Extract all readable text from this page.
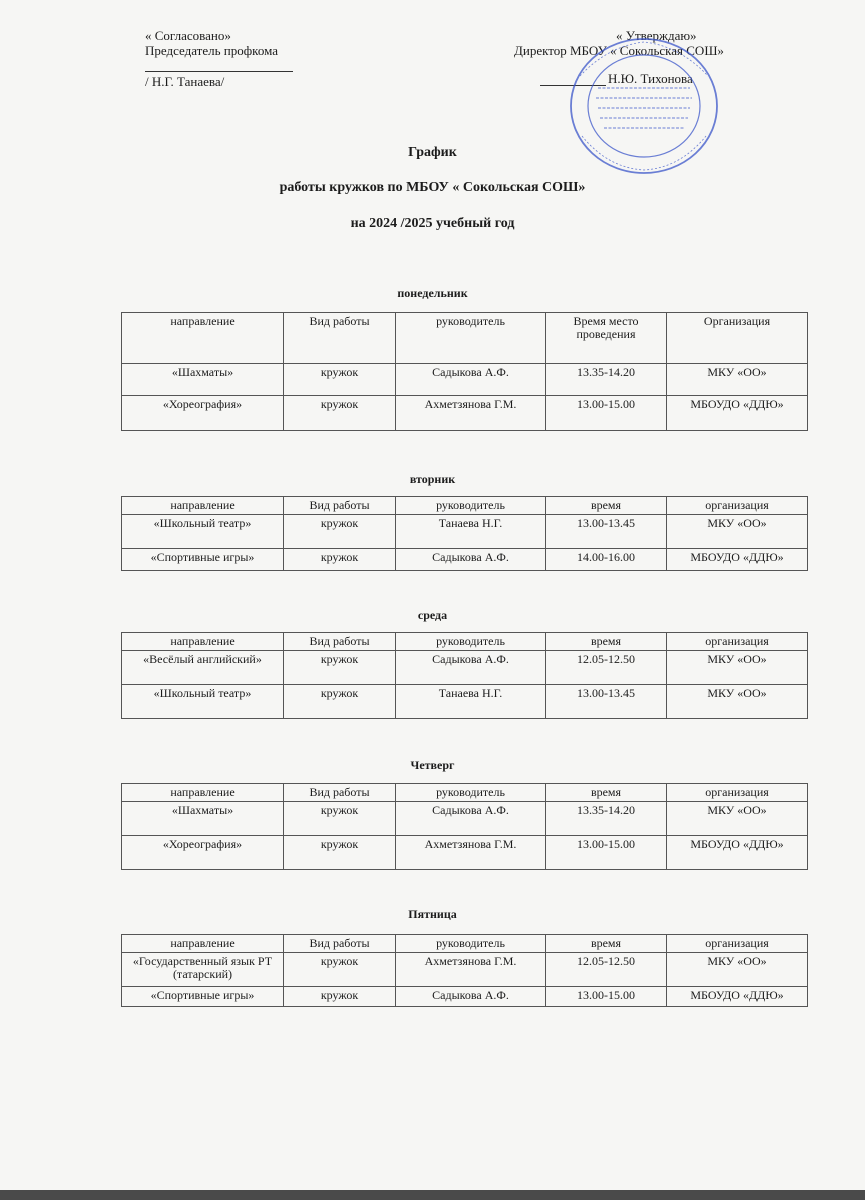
« Согласовано»
Председатель профкома
/ Н.Г. Танаева/
« Утверждаю»
Директор МБОУ « Сокольская СОШ»
Н.Ю. Тихонова
График
работы кружков по МБОУ « Сокольская СОШ»
на 2024 /2025 учебный год
понедельник
направление	Вид работы	руководитель	Время место проведения	Организация
«Шахматы»	кружок	Садыкова А.Ф.	13.35-14.20	МКУ «ОО»
«Хореография»	кружок	Ахметзянова Г.М.	13.00-15.00	МБОУДО «ДДЮ»
вторник
направление	Вид работы	руководитель	время	организация
«Школьный театр»	кружок	Танаева Н.Г.	13.00-13.45	МКУ «ОО»
«Спортивные игры»	кружок	Садыкова А.Ф.	14.00-16.00	МБОУДО «ДДЮ»
среда
направление	Вид работы	руководитель	время	организация
«Весёлый английский»	кружок	Садыкова А.Ф.	12.05-12.50	МКУ «ОО»
«Школьный театр»	кружок	Танаева Н.Г.	13.00-13.45	МКУ «ОО»
Четверг
направление	Вид работы	руководитель	время	организация
«Шахматы»	кружок	Садыкова А.Ф.	13.35-14.20	МКУ «ОО»
«Хореография»	кружок	Ахметзянова Г.М.	13.00-15.00	МБОУДО «ДДЮ»
Пятница
направление	Вид работы	руководитель	время	организация
«Государственный язык РТ (татарский)	кружок	Ахметзянова Г.М.	12.05-12.50	МКУ «ОО»
«Спортивные игры»	кружок	Садыкова А.Ф.	13.00-15.00	МБОУДО «ДДЮ»
